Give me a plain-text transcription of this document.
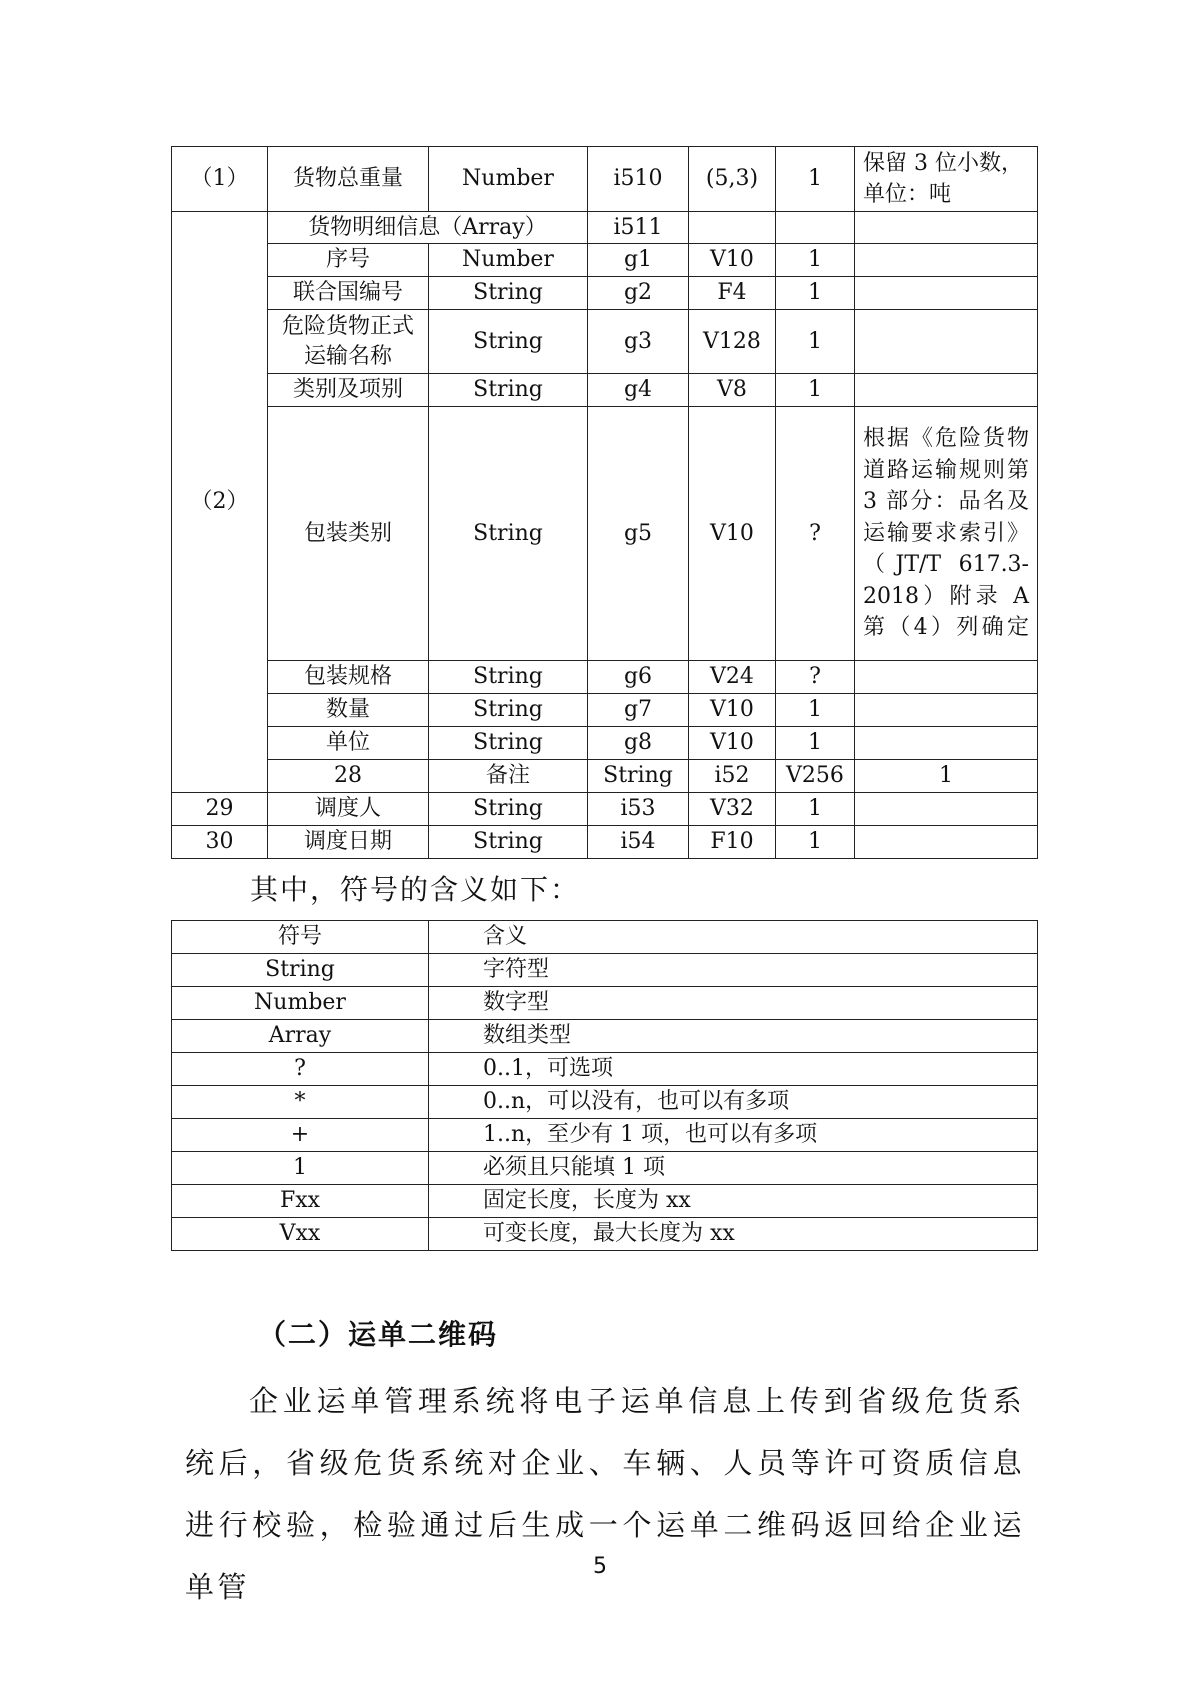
（1）	货物总重量	Number	i510	(5,3)	1	保留 3 位小数，单位：吨	
（2）	货物明细信息（Array）		i511				
	序号	Number	g1	V10	1		
	联合国编号	String	g2	F4	1		
	危险货物正式运输名称	String	g3	V128	1		
	类别及项别	String	g4	V8	1		
	包装类别	String	g5	V10	?	根据《危险货物道路运输规则第 3 部分：品名及运输要求索引》（JT/T 617.3-2018）附录 A 第（4）列确定	
	包装规格	String	g6	V24	?		
	数量	String	g7	V10	1		
	单位	String	g8	V10	1		
	28	备注	String	i52	V256	1	
29	调度人	String	i53	V32	1		
30	调度日期	String	i54	F10	1		
其中，符号的含义如下：
符号	含义
String	字符型
Number	数字型
Array	数组类型
?	0..1，可选项
*	0..n，可以没有，也可以有多项
+	1..n，至少有 1 项，也可以有多项
1	必须且只能填 1 项
Fxx	固定长度，长度为 xx
Vxx	可变长度，最大长度为 xx
（二）运单二维码

企业运单管理系统将电子运单信息上传到省级危货系统后，省级危货系统对企业、车辆、人员等许可资质信息进行校验，检验通过后生成一个运单二维码返回给企业运单管

5
